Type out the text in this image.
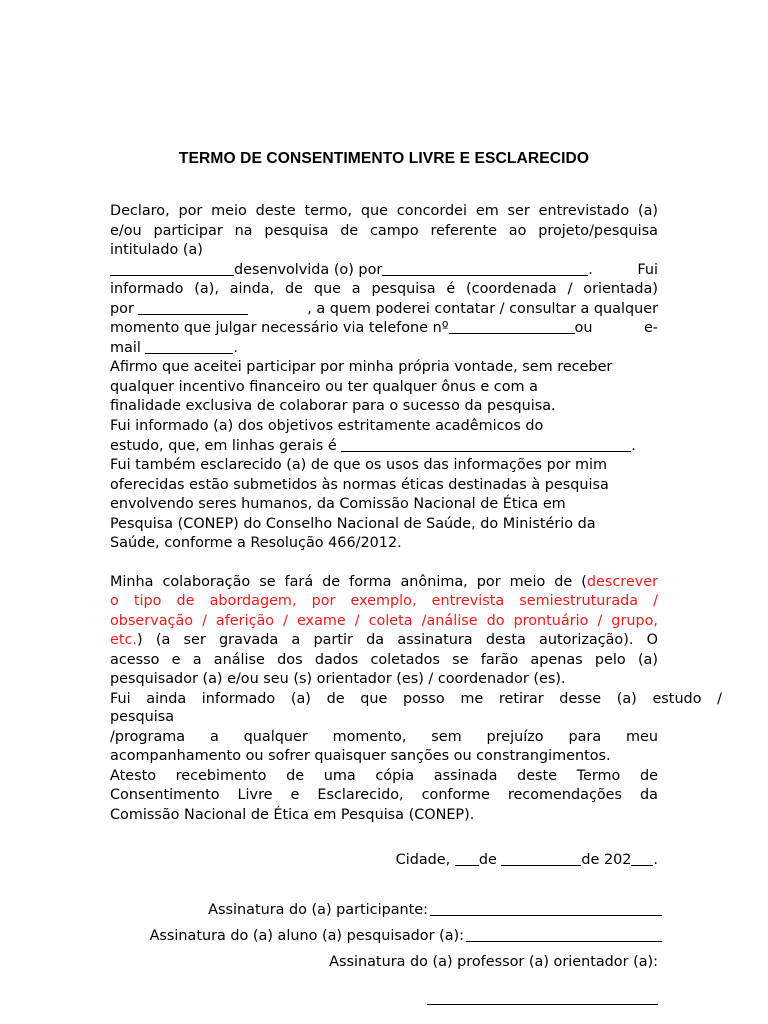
TERMO DE CONSENTIMENTO LIVRE E ESCLARECIDO
Declaro, por meio deste termo, que concordei em ser entrevistado (a)
e/ou participar na pesquisa de campo referente ao projeto/pesquisa
intitulado (a)
desenvolvida (o) por	.	Fui
informado (a), ainda, de que a pesquisa é (coordenada / orientada)
por	, a quem poderei contatar / consultar a qualquer
momento que julgar necessário via telefone nº	ou	e-
mail	.
Afirmo que aceitei participar por minha própria vontade, sem receber
qualquer incentivo financeiro ou ter qualquer ônus e com a
finalidade exclusiva de colaborar para o sucesso da pesquisa.
Fui informado (a) dos objetivos estritamente acadêmicos do
estudo, que, em linhas gerais é	.
Fui também esclarecido (a) de que os usos das informações por mim
oferecidas estão submetidos às normas éticas destinadas à pesquisa
envolvendo seres humanos, da Comissão Nacional de Ética em
Pesquisa (CONEP) do Conselho Nacional de Saúde, do Ministério da
Saúde, conforme a Resolução 466/2012.
Minha colaboração se fará de forma anônima, por meio de (descrever
o tipo de abordagem, por exemplo, entrevista semiestruturada /
observação / aferição / exame / coleta /análise do prontuário / grupo,
etc.) (a ser gravada a partir da assinatura desta autorização). O
acesso e a análise dos dados coletados se farão apenas pelo (a)
pesquisador (a) e/ou seu (s) orientador (es) / coordenador (es).
Fui ainda informado (a) de que posso me retirar desse (a) estudo /
pesquisa
/programa a qualquer momento, sem prejuízo para meu
acompanhamento ou sofrer quaisquer sanções ou constrangimentos.
Atesto recebimento de uma cópia assinada deste Termo de
Consentimento Livre e Esclarecido, conforme recomendações da
Comissão Nacional de Ética em Pesquisa (CONEP).
Cidade, de	de 202 .
Assinatura do (a) participante:
Assinatura do (a) aluno (a) pesquisador (a):
Assinatura do (a) professor (a) orientador (a):
